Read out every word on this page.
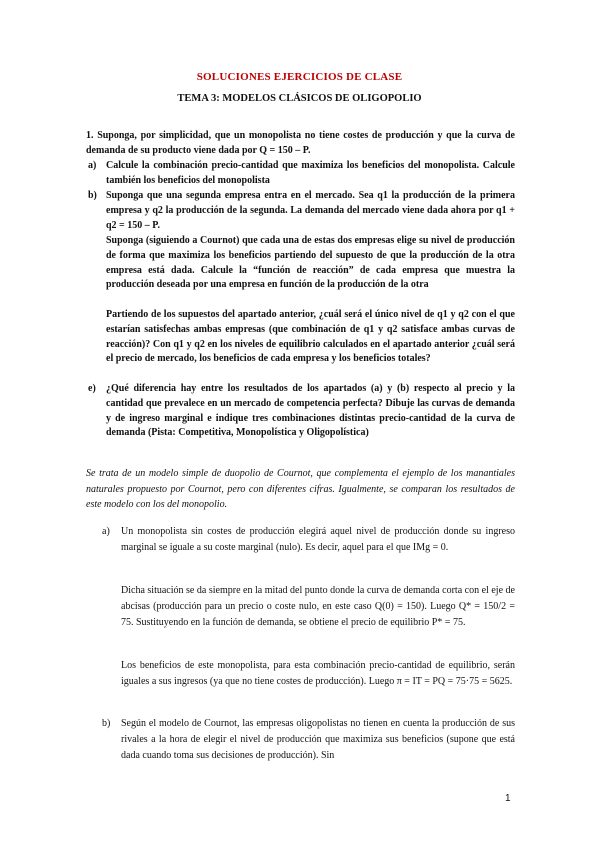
SOLUCIONES EJERCICIOS DE CLASE
TEMA 3: MODELOS CLÁSICOS DE OLIGOPOLIO

1. Suponga, por simplicidad, que un monopolista no tiene costes de producción y que la curva de demanda de su producto viene dada por Q = 150 – P.

a) Calcule la combinación precio-cantidad que maximiza los beneficios del monopolista. Calcule también los beneficios del monopolista

b) Suponga que una segunda empresa entra en el mercado. Sea q1 la producción de la primera empresa y q2 la producción de la segunda. La demanda del mercado viene dada ahora por q1 + q2 = 150 – P.

Suponga (siguiendo a Cournot) que cada una de estas dos empresas elige su nivel de producción de forma que maximiza los beneficios partiendo del supuesto de que la producción de la otra empresa está dada. Calcule la “función de reacción” de cada empresa que muestra la producción deseada por una empresa en función de la producción de la otra

Partiendo de los supuestos del apartado anterior, ¿cuál será el único nivel de q1 y q2 con el que estarían satisfechas ambas empresas (que combinación de q1 y q2 satisface ambas curvas de reacción)? Con q1 y q2 en los niveles de equilibrio calculados en el apartado anterior ¿cuál será el precio de mercado, los beneficios de cada empresa y los beneficios totales?

e) ¿Qué diferencia hay entre los resultados de los apartados (a) y (b) respecto al precio y la cantidad que prevalece en un mercado de competencia perfecta? Dibuje las curvas de demanda y de ingreso marginal e indique tres combinaciones distintas precio-cantidad de la curva de demanda (Pista: Competitiva, Monopolística y Oligopolística)

Se trata de un modelo simple de duopolio de Cournot, que complementa el ejemplo de los manantiales naturales propuesto por Cournot, pero con diferentes cifras. Igualmente, se comparan los resultados de este modelo con los del monopolio.

a) Un monopolista sin costes de producción elegirá aquel nivel de producción donde su ingreso marginal se iguale a su coste marginal (nulo). Es decir, aquel para el que IMg = 0.

Dicha situación se da siempre en la mitad del punto donde la curva de demanda corta con el eje de abcisas (producción para un precio o coste nulo, en este caso Q(0) = 150). Luego Q* = 150/2 = 75. Sustituyendo en la función de demanda, se obtiene el precio de equilibrio P* = 75.

Los beneficios de este monopolista, para esta combinación precio-cantidad de equilibrio, serán iguales a sus ingresos (ya que no tiene costes de producción). Luego π = IT = PQ = 75·75 = 5625.

b) Según el modelo de Cournot, las empresas oligopolistas no tienen en cuenta la producción de sus rivales a la hora de elegir el nivel de producción que maximiza sus beneficios (supone que está dada cuando toma sus decisiones de producción). Sin

1
